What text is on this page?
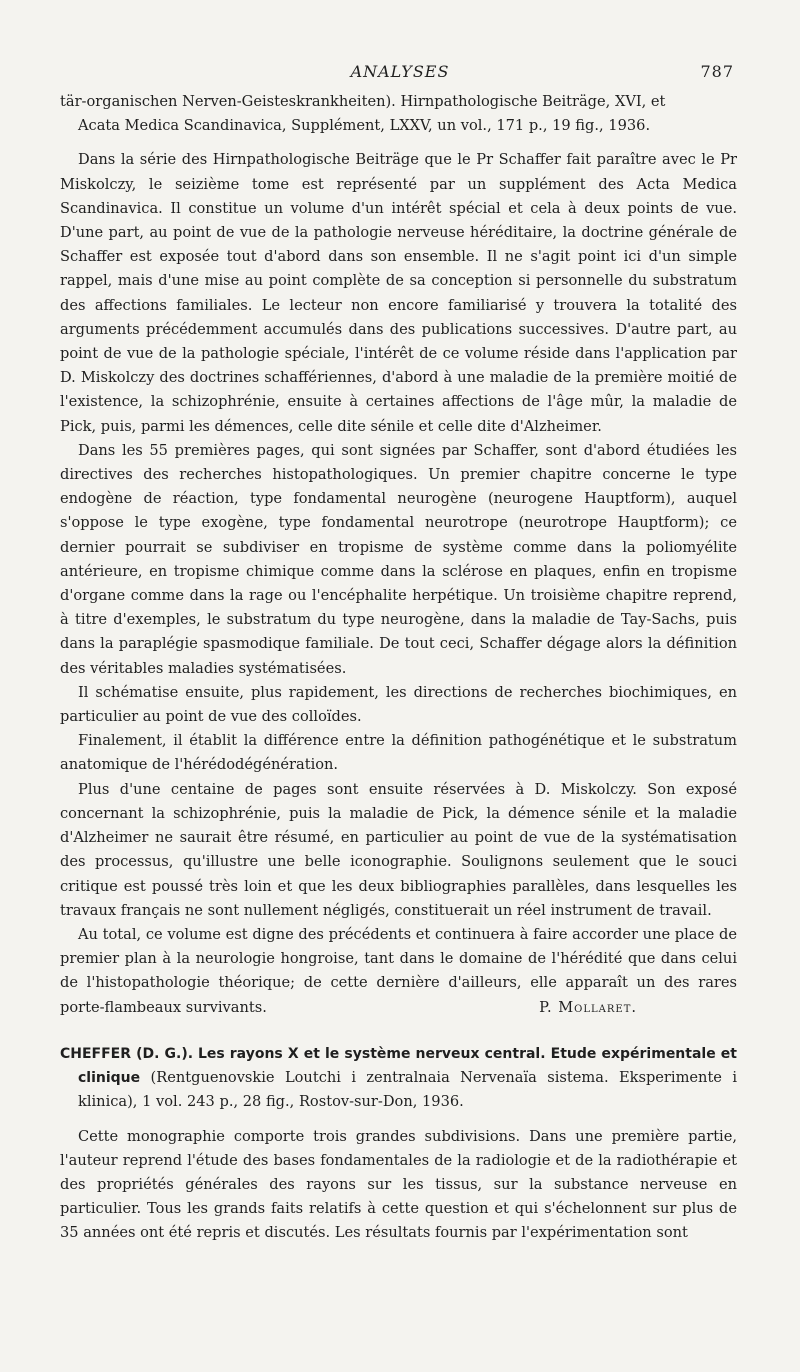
ANALYSES	787

tär-organischen Nerven-Geisteskrankheiten). Hirnpathologische Beiträge, XVI, et

Acata Medica Scandinavica, Supplément, LXXV, un vol., 171 p., 19 fig., 1936.

Dans la série des Hirnpathologische Beiträge que le Pr Schaffer fait paraître avec le Pr Miskolczy, le seizième tome est représenté par un supplément des Acta Medica Scandinavica. Il constitue un volume d'un intérêt spécial et cela à deux points de vue. D'une part, au point de vue de la pathologie nerveuse héréditaire, la doctrine générale de Schaffer est exposée tout d'abord dans son ensemble. Il ne s'agit point ici d'un simple rappel, mais d'une mise au point complète de sa conception si personnelle du substratum des affections familiales. Le lecteur non encore familiarisé y trouvera la totalité des arguments précédemment accumulés dans des publications successives. D'autre part, au point de vue de la pathologie spéciale, l'intérêt de ce volume réside dans l'application par D. Miskolczy des doctrines schaffériennes, d'abord à une maladie de la première moitié de l'existence, la schizophrénie, ensuite à certaines affections de l'âge mûr, la maladie de Pick, puis, parmi les démences, celle dite sénile et celle dite d'Alzheimer.

Dans les 55 premières pages, qui sont signées par Schaffer, sont d'abord étudiées les directives des recherches histopathologiques. Un premier chapitre concerne le type endogène de réaction, type fondamental neurogène (neurogene Hauptform), auquel s'oppose le type exogène, type fondamental neurotrope (neurotrope Hauptform); ce dernier pourrait se subdiviser en tropisme de système comme dans la poliomyélite antérieure, en tropisme chimique comme dans la sclérose en plaques, enfin en tropisme d'organe comme dans la rage ou l'encéphalite herpétique. Un troisième chapitre reprend, à titre d'exemples, le substratum du type neurogène, dans la maladie de Tay-Sachs, puis dans la paraplégie spasmodique familiale. De tout ceci, Schaffer dégage alors la définition des véritables maladies systématisées.

Il schématise ensuite, plus rapidement, les directions de recherches biochimiques, en particulier au point de vue des colloïdes.

Finalement, il établit la différence entre la définition pathogénétique et le substratum anatomique de l'hérédodégénération.

Plus d'une centaine de pages sont ensuite réservées à D. Miskolczy. Son exposé concernant la schizophrénie, puis la maladie de Pick, la démence sénile et la maladie d'Alzheimer ne saurait être résumé, en particulier au point de vue de la systématisation des processus, qu'illustre une belle iconographie. Soulignons seulement que le souci critique est poussé très loin et que les deux bibliographies parallèles, dans lesquelles les travaux français ne sont nullement négligés, constituerait un réel instrument de travail.

Au total, ce volume est digne des précédents et continuera à faire accorder une place de premier plan à la neurologie hongroise, tant dans le domaine de l'hérédité que dans celui de l'histopathologie théorique; de cette dernière d'ailleurs, elle apparaît un des rares porte-flambeaux survivants.	P. Mollaret.

CHEFFER (D. G.). Les rayons X et le système nerveux central. Etude expérimentale et clinique (Rentguenovskie Loutchi i zentralnaia Nervenaïa sistema. Eksperimente i klinica), 1 vol. 243 p., 28 fig., Rostov-sur-Don, 1936.

Cette monographie comporte trois grandes subdivisions. Dans une première partie, l'auteur reprend l'étude des bases fondamentales de la radiologie et de la radiothérapie et des propriétés générales des rayons sur les tissus, sur la substance nerveuse en particulier. Tous les grands faits relatifs à cette question et qui s'échelonnent sur plus de 35 années ont été repris et discutés. Les résultats fournis par l'expérimentation sont
